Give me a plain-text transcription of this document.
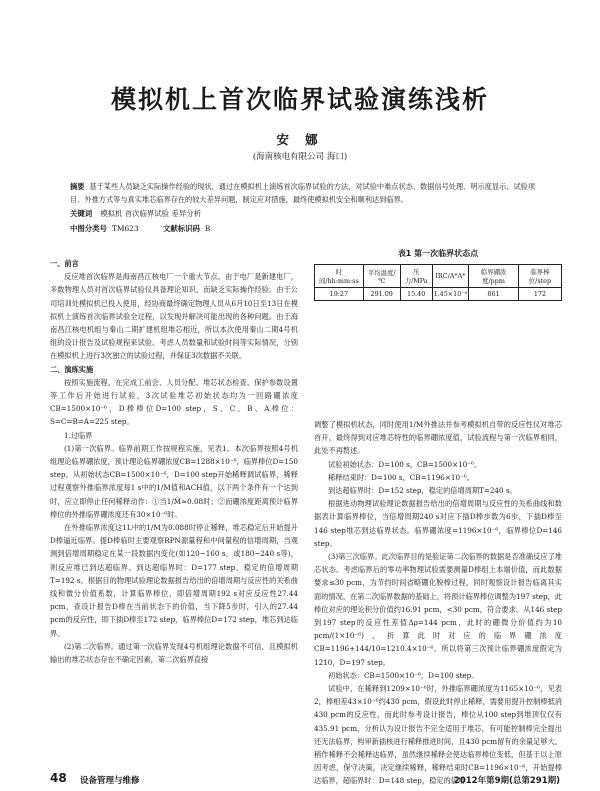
模拟机上首次临界试验演练浅析
安 娜
(海南核电有限公司 海口)
摘要 基于某些人员缺乏实际操作经验的现状，通过在模拟机上演练首次临界试验的方法，对试验中难点状态、数据信号处理、明示度显示、试验项目、外推方式等与真实堆芯临界存在的较大差异问题，制定应对措施，最终使模拟机安全和顺利达到临界。
关键词 模拟机 首次临界试验 差异分析
中图分类号 TM623	文献标识码 B

一、前言

反应堆首次临界是海南昌江核电厂一个重大节点。由于电厂是新建电厂，多数物理人员对首次临界试验仪具备理论知识，而缺乏实际操作经验。由于公司培训处模拟机已投入使用，经协商最终确定物理人员从6月10日至13日在模拟机上演练首次临界试验全过程，以发现并解决可能出现的各种问题。由于海南昌江核电机组与秦山二期扩建机组堆芯相近，所以本次使用秦山二期4号机组的设计报告及试验规程来试验。考虑人员数量和试验时间等实际情况，分别在模拟机上进行3次独立的试验过程，并保证3次数据不关联。

二、演练实施

按照实施流程，在完成工前会、人员分配、堆芯状态检查、保护参数设置等工作后开始进行试验，3次试验堆芯初始状态均为一回路硼浓度CB=1500×10⁻⁶，D棒棒位D=100 step，S、C、B、A棒位：S=C=B=A=225 step。

1.过临界

(1)第一次临界。临界前期工作按规程实施，见表1。本次临界按照4号机组理论临界硼浓度，预计理论临界硼浓度CB=1288×10⁻⁶，临界棒位D=150 step。从初始状态CB=1500×10⁻⁶，D=100 step开始稀释调试临界，稀释过程观察外推临界浓度每1 s中的1/M值和ACH值，以下两个条件有一个达到时，应立即停止任何稀释动作：①当1/M≈0.08时；②而硼浓度距离预计临界棒位的外推临界硼浓度还有30×10⁻⁶时。

在外推临界浓度这1L中的1/M为0.088时停止稀释，堆芯稳定后开始提升D棒逼近临界。提D棒临时主要观察RPN源量程和中间量程的信增周期，当观测到倍增周期稳定在某一段数据内变化(如120~160 s，或180~240 s等)，则反应堆已到达超临界。到达超临界时：D=177 step，稳定的倍增周期T=192 s。根据目的物理试验理论数据报告给出的倍增周期与反应性的关系曲线和微分价值系数，计算临界棒位，即倍增周期192 s对应反应性27.44 pcm，查设计报告D棒在当前状态下的价值，当下降5步时，引入的27.44 pcm的反应性，即下插D棒至172 step，临界棒位D=172 step，堆芯到达临界。

(2)第二次临界。通过第一次临界发现4号机组理论数据不可信，且模拟机输出的堆芯状态存在不确定因素，第二次临界直接

表1 第一次临界状态点
时间/hh:mm:ss	平均温度/℃	压力/MPa	IRC/A*A*	临界硼浓度/ppm	临界棒位/step
19:27	291.09	15.40	1.45×10⁻⁸	861	172

调整了模拟机状态，同时使用1/M外推法并参考模拟机自带的反应性仪对堆芯首开，最终得到对应堆芯特性的临界硼浓度值，试验流程与第一次临界相同，此处不再赘述。

试验初始状态：D=100 s，CB=1500×10⁻⁶。

稀释结束时：D=100 s，CB=1196×10⁻⁶。

到达超临界时：D=152 step，稳定的倍增周期T=240 s。

根据进动物理试验理论数据报告给出的倍增周期与反应性的关系曲线和数据表计算临界棒位，当倍增周期240 s对应下插D棒步数为6步，下插D棒至146 step堆芯到达临界状态。临界硼浓度=1196×10⁻⁶，临界棒位D=146 step。

(3)第三次临界。此次临界目的是验证第二次临界的数据是否准确反应了堆芯状态。考虑临界后的零功率物理试验需要测量D棒组上本端价值，而此数据要求≤30 pcm，为节约时间省略硼化脱棒过程，同时观察设计报告临离其实面的情况，在第二次临界数据的基础上，将预计临界棒位调整为197 step，此棒位对应的理论积分价值约16.91 pcm，<30 pcm，符合要求。从146 step到197 step的反应性差值Δρ=144 pcm，此时的硼微分价值约为10 pcm/(1×10⁻⁶)，折算此时对应的临界硼浓度CB=1196+144/10=1210.4×10⁻⁶。所以将第三次预计临界硼浓度假定为1210，D=197 step。

初始状态：CB=1500×10⁻⁶，D=100 step。

试验中，在稀释到1209×10⁻⁶时，外推临界硼浓度为1165×10⁻⁶，见表2，棒相差43×10⁻⁶约430 pcm，假设此时停止稀释，需要用提升控制棒抵消430 pcm的反应性，而此时参考设计报告，棒位从100 step到堆顶仅仅有435.91 pcm，分析认为设计报告不完全适用于堆芯，有可能控制棒完全提出还无法临界，构审新插核进行稀释推进时间，且430 pcm留有的余量足够大，稍作稀释不会稀释达临界，虽然继续稀释会使达临界棒位变低，但基于以上原因考虑，保守决策，决定继续稀释，稀释结束时CB=1196×10⁻⁶，开始提棒达临界，超临界时：D=148 step，稳定的倍增

48 设备管理与维修	2012年第9期(总第291期)
